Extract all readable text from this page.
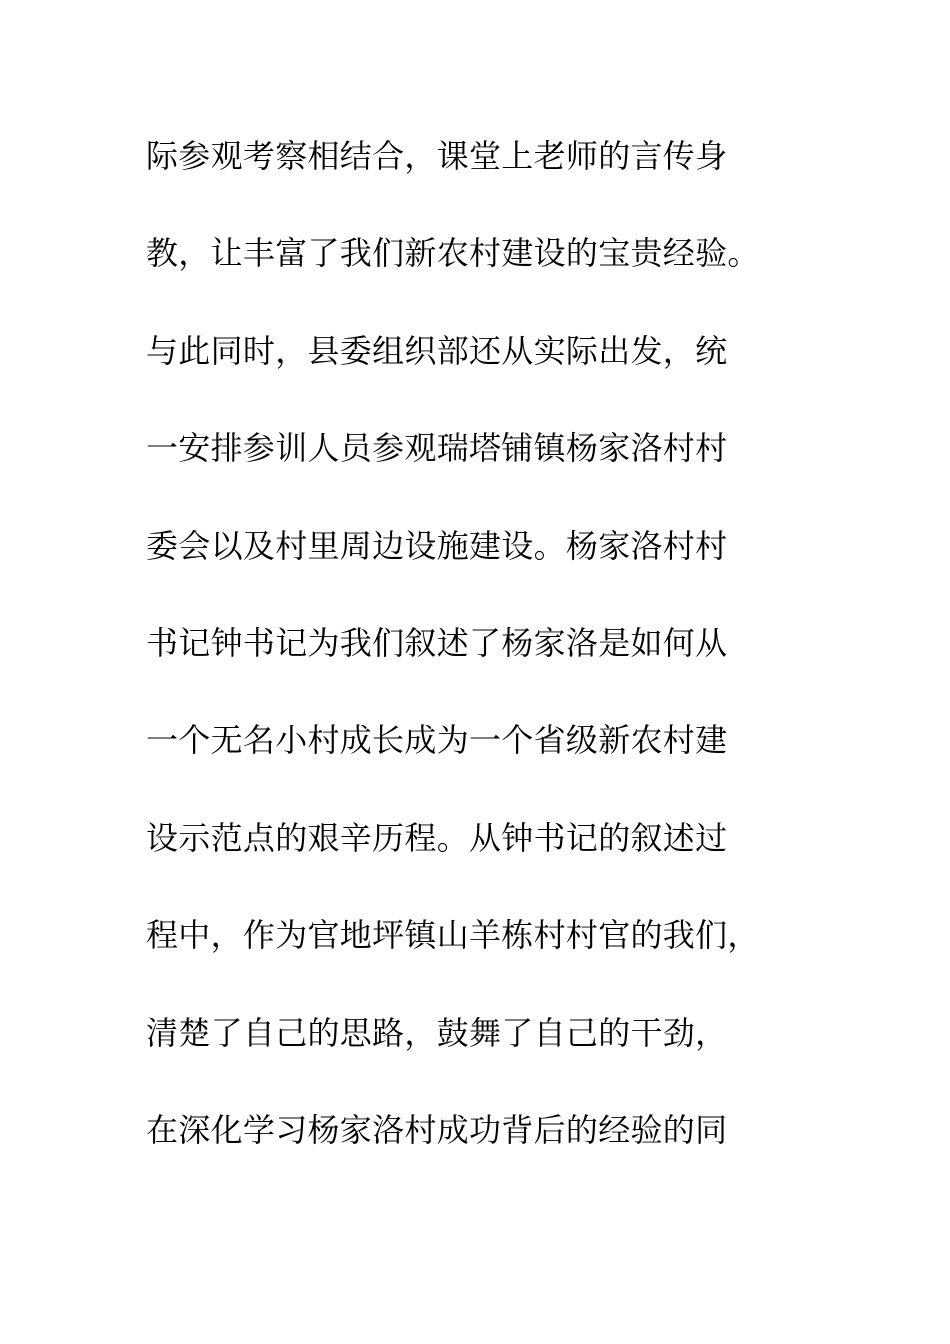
际参观考察相结合，课堂上老师的言传身
教，让丰富了我们新农村建设的宝贵经验。
与此同时，县委组织部还从实际出发，统
一安排参训人员参观瑞塔铺镇杨家洛村村
委会以及村里周边设施建设。杨家洛村村
书记钟书记为我们叙述了杨家洛是如何从
一个无名小村成长成为一个省级新农村建
设示范点的艰辛历程。从钟书记的叙述过
程中，作为官地坪镇山羊栋村村官的我们，
清楚了自己的思路，鼓舞了自己的干劲，
在深化学习杨家洛村成功背后的经验的同
